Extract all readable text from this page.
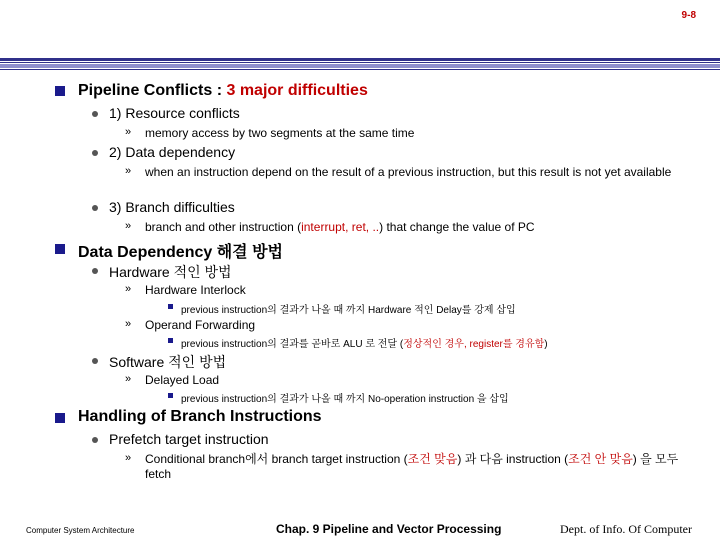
9-8
Pipeline Conflicts : 3 major difficulties
1) Resource conflicts
» memory access by two segments at the same time
2) Data dependency
» when an instruction depend on the result of a previous instruction, but this result is not yet available
3) Branch difficulties
» branch and other instruction (interrupt, ret, ..) that change the value of PC
Data Dependency 해결 방법
Hardware 적인 방법
» Hardware Interlock
previous instruction의 결과가 나올 때 까지 Hardware 적인 Delay를 강제 삽입
» Operand Forwarding
previous instruction의 결과를 곧바로 ALU 로 전달 (정상적인 경우, register를 경유함)
Software 적인 방법
» Delayed Load
previous instruction의 결과가 나올 때 까지 No-operation instruction 을 삽입
Handling of Branch Instructions
Prefetch target instruction
» Conditional branch에서 branch target instruction (조건 맞음) 과 다음 instruction (조건 안 맞음) 을 모두 fetch
Computer System Architecture	Chap. 9 Pipeline and Vector Processing	Dept. of Info. Of Computer
